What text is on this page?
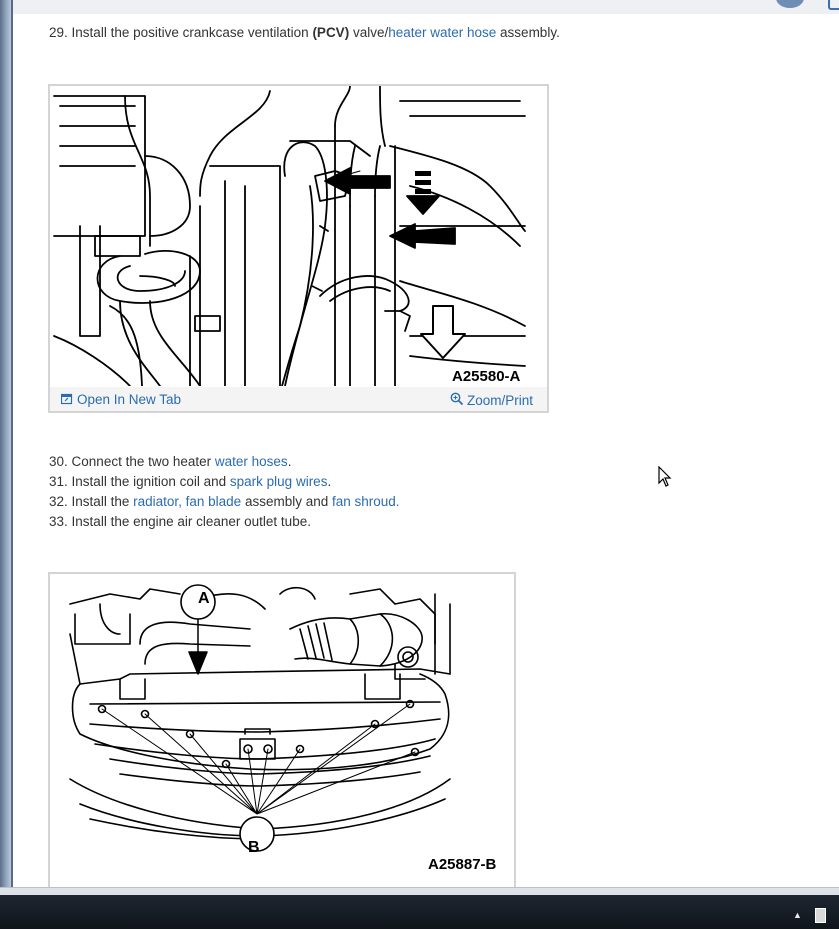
29. Install the positive crankcase ventilation (PCV) valve/heater water hose assembly.
A25580-A
Open In New Tab	Zoom/Print
30. Connect the two heater water hoses.
31. Install the ignition coil and spark plug wires.
32. Install the radiator, fan blade assembly and fan shroud.
33. Install the engine air cleaner outlet tube.
A
B
A25887-B
▲
